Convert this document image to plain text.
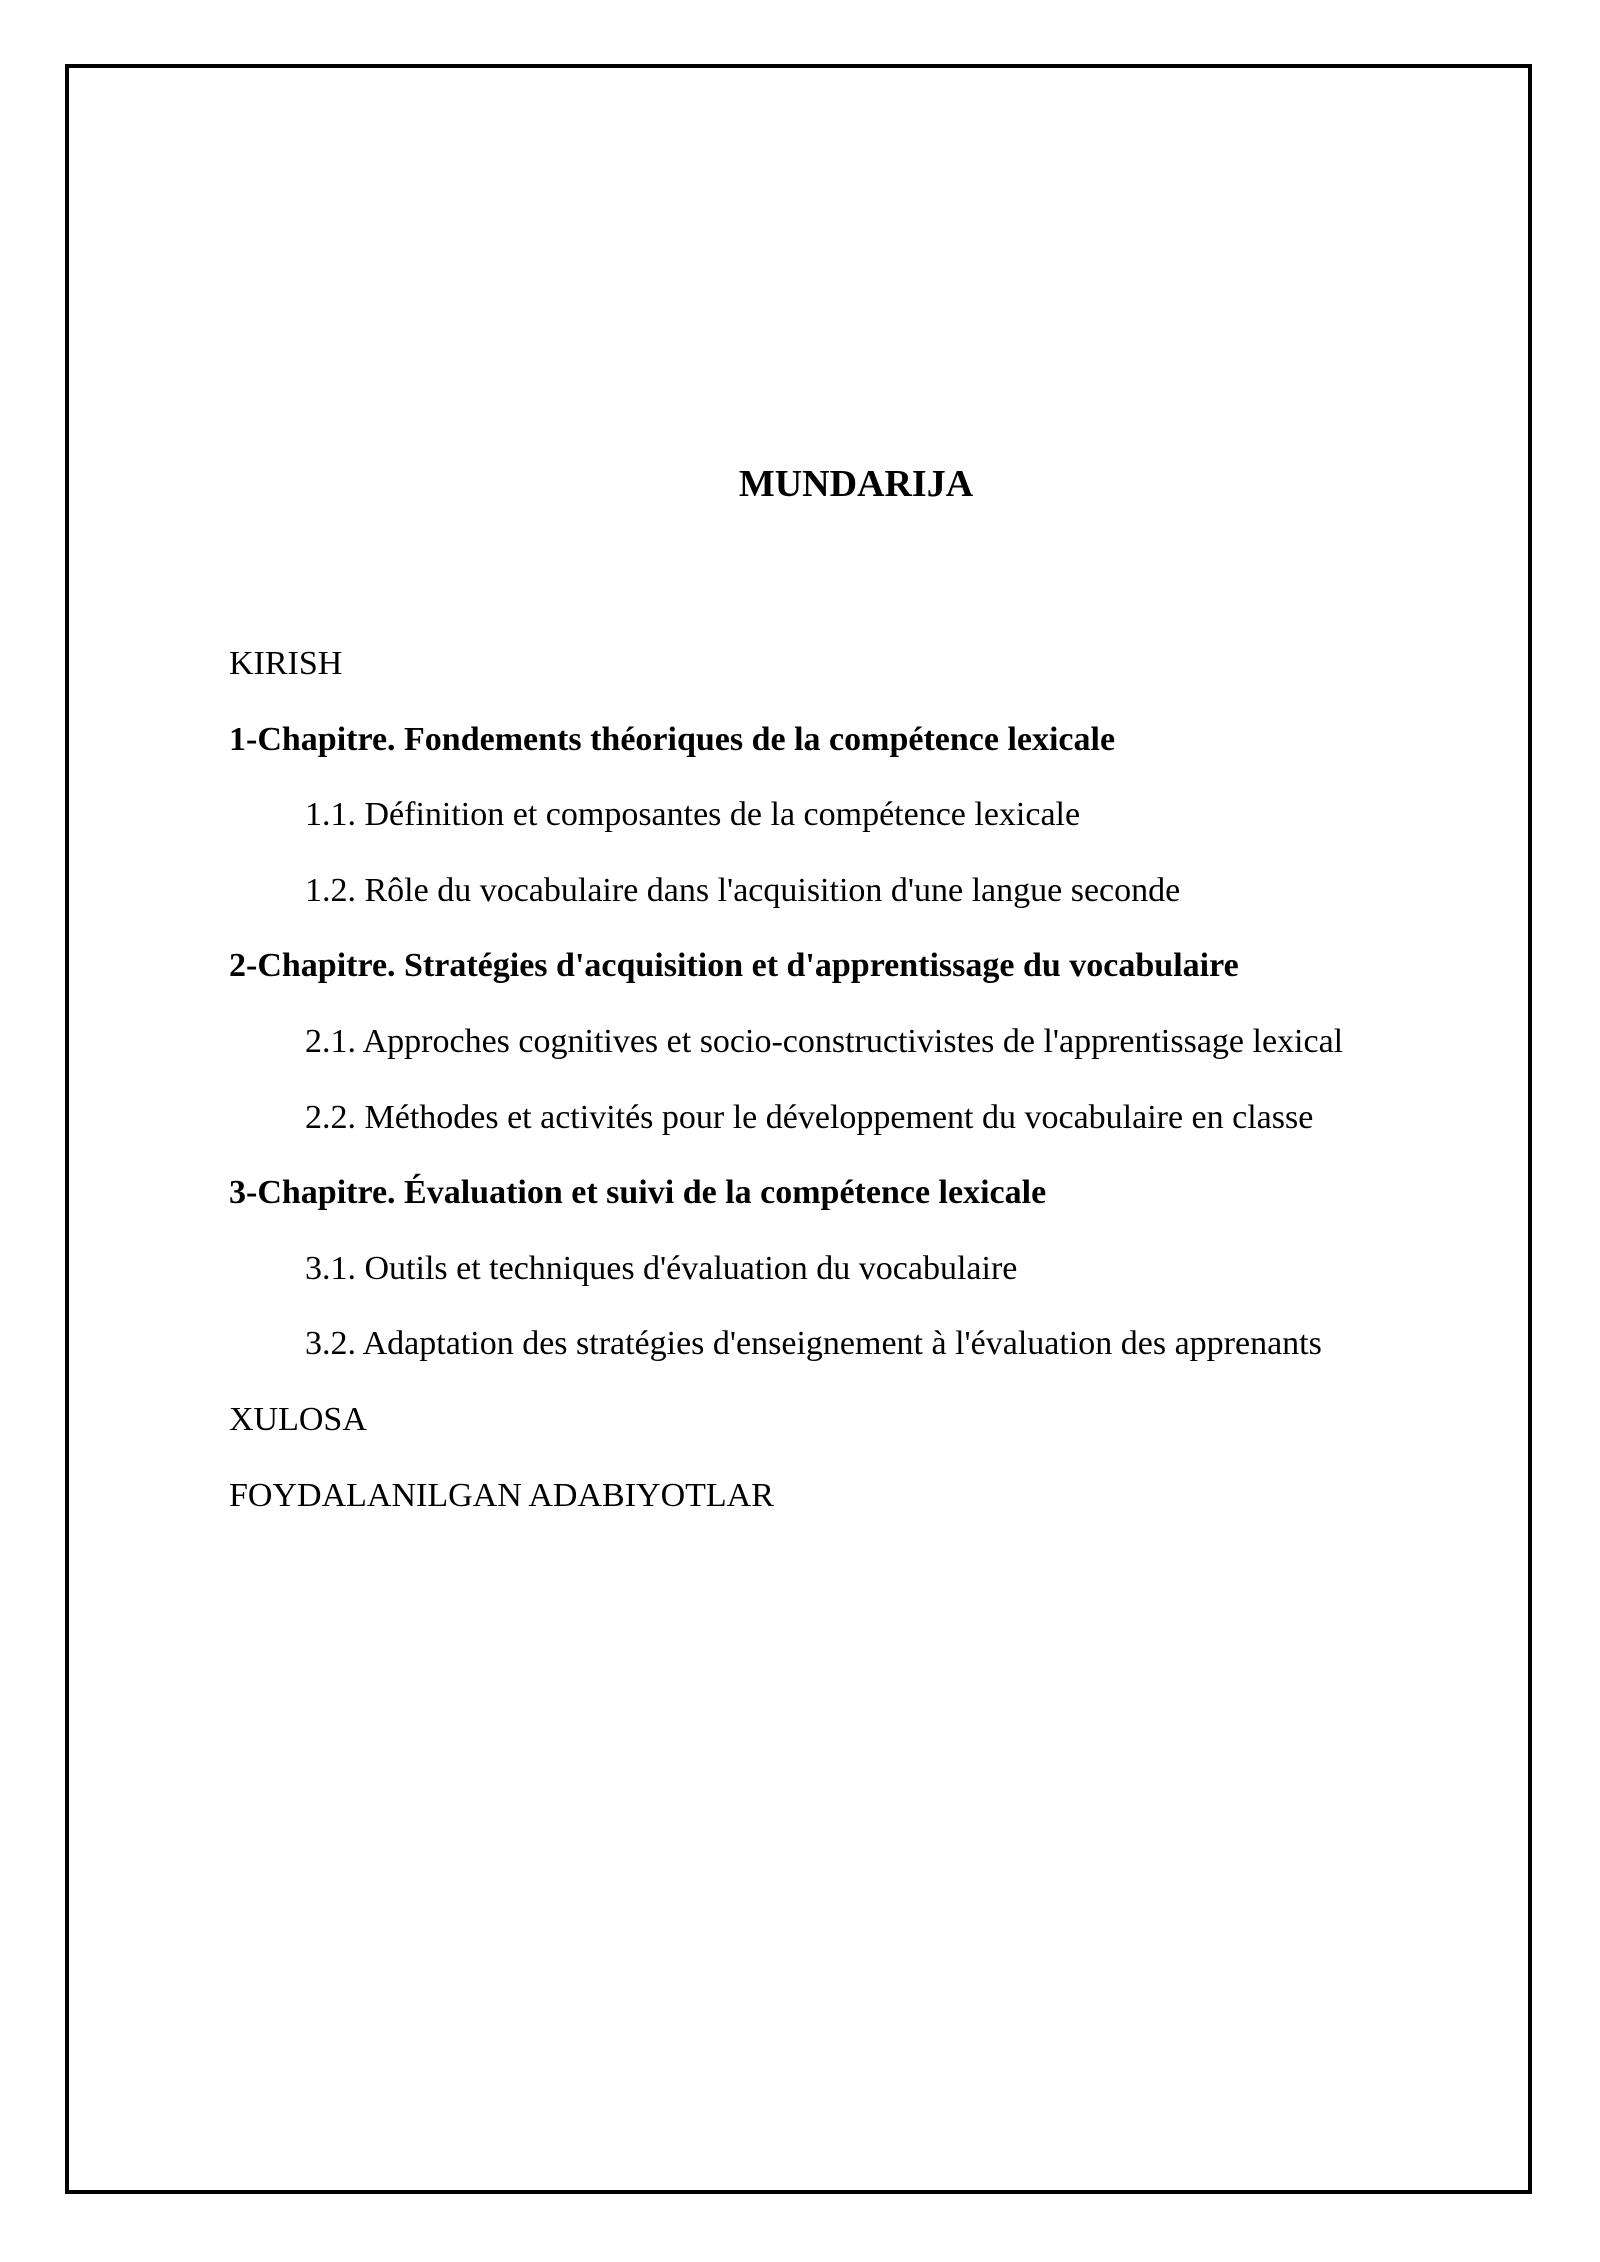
MUNDARIJA
KIRISH
1-Chapitre. Fondements théoriques de la compétence lexicale
1.1. Définition et composantes de la compétence lexicale
1.2. Rôle du vocabulaire dans l'acquisition d'une langue seconde
2-Chapitre. Stratégies d'acquisition et d'apprentissage du vocabulaire
2.1. Approches cognitives et socio-constructivistes de l'apprentissage lexical
2.2. Méthodes et activités pour le développement du vocabulaire en classe
3-Chapitre. Évaluation et suivi de la compétence lexicale
3.1. Outils et techniques d'évaluation du vocabulaire
3.2. Adaptation des stratégies d'enseignement à l'évaluation des apprenants
XULOSA
FOYDALANILGAN ADABIYOTLAR
